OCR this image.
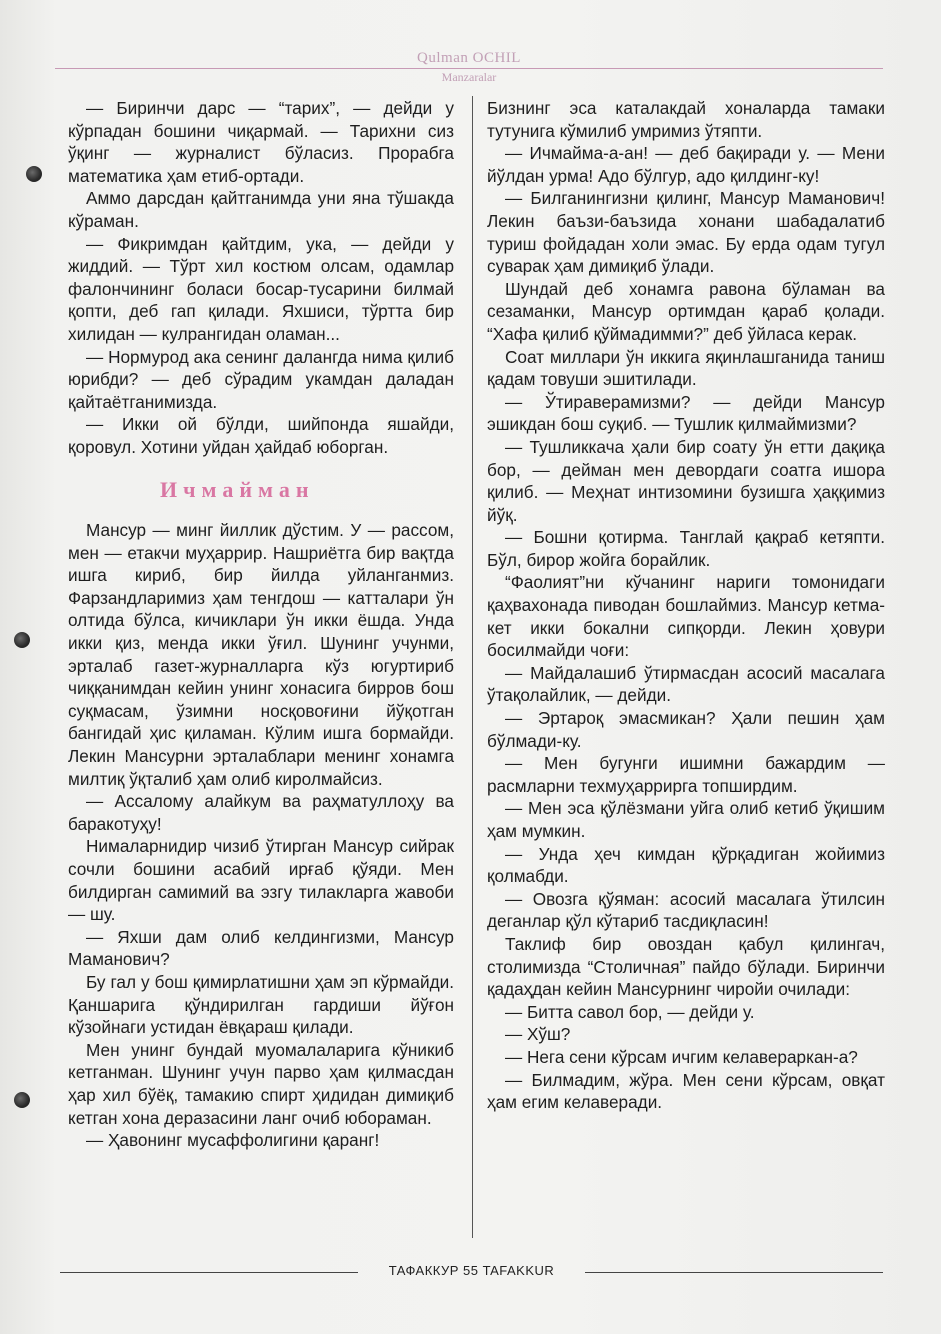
Qulman OCHIL
Manzaralar

— Биринчи дарс — “тарих”, — дейди у кўрпадан бошини чиқармай. — Тарихни сиз ўқинг — журналист бўласиз. Прорабга математика ҳам етиб-ортади.

Аммо дарсдан қайтганимда уни яна тўшакда кўраман.

— Фикримдан қайтдим, ука, — дейди у жиддий. — Тўрт хил костюм олсам, одамлар фалончининг боласи босар-тусарини билмай қопти, деб гап қилади. Яхшиси, тўртта бир хилидан — кулрангидан оламан...

— Нормурод ака сенинг далангда нима қилиб юрибди? — деб сўрадим укамдан даладан қайтаётганимизда.

— Икки ой бўлди, шийпонда яшайди, қоровул. Хотини уйдан ҳайдаб юборган.

Ичмайман

Мансур — минг йиллик дўстим. У — рассом, мен — етакчи муҳаррир. Нашриётга бир вақтда ишга кириб, бир йилда уйланганмиз. Фарзандларимиз ҳам тенгдош — катталари ўн олтида бўлса, кичиклари ўн икки ёшда. Унда икки қиз, менда икки ўғил. Шунинг учунми, эрталаб газет-журналларга кўз югуртириб чиққанимдан кейин унинг хонасига бирров бош суқмасам, ўзимни носқовоғини йўқотган бангидай ҳис қиламан. Кўлим ишга бормайди. Лекин Мансурни эрталаблари менинг хонамга милтиқ ўқталиб ҳам олиб киролмайсиз.

— Ассалому алайкум ва раҳматуллоҳу ва баракотуҳу!

Нималарнидир чизиб ўтирган Мансур сийрак сочли бошини асабий ирғаб қўяди. Мен билдирган самимий ва эзгу тилакларга жавоби — шу.

— Яхши дам олиб келдингизми, Мансур Маманович?

Бу гал у бош қимирлатишни ҳам эп кўрмайди. Қаншарига қўндирилган гардиши йўғон кўзойнаги устидан ёвқараш қилади.

Мен унинг бундай муомалаларига кўникиб кетганман. Шунинг учун парво ҳам қилмасдан ҳар хил бўёқ, тамакию спирт ҳидидан димиқиб кетган хона деразасини ланг очиб юбораман.

— Ҳавонинг мусаффолигини қаранг!

Бизнинг эса каталакдай хоналарда тамаки тутунига кўмилиб умримиз ўтяпти.

— Ичмайма-а-ан! — деб бақиради у. — Мени йўлдан урма! Адо бўлгур, адо қилдинг-ку!

— Билганингизни қилинг, Мансур Маманович! Лекин баъзи-баъзида хонани шабадалатиб туриш фойдадан холи эмас. Бу ерда одам тугул суварак ҳам димиқиб ўлади.

Шундай деб хонамга равона бўламан ва сезаманки, Мансур ортимдан қараб қолади. “Хафа қилиб қўймадимми?” деб ўйласа керак.

Соат миллари ўн иккига яқинлашганида таниш қадам товуши эшитилади.

— Ўтираверамизми? — дейди Мансур эшикдан бош суқиб. — Тушлик қилмаймизми?

— Тушликкача ҳали бир соату ўн етти дақиқа бор, — дейман мен девордаги соатга ишора қилиб. — Меҳнат интизомини бузишга ҳаққимиз йўқ.

— Бошни қотирма. Танглай қақраб кетяпти. Бўл, бирор жойга борайлик.

“Фаолият”ни кўчанинг нариги томонидаги қаҳвахонада пиводан бошлаймиз. Мансур кетма-кет икки бокални сипқорди. Лекин ҳовури босилмайди чоғи:

— Майдалашиб ўтирмасдан асосий масалага ўтақолайлик, — дейди.

— Эртароқ эмасмикан? Ҳали пешин ҳам бўлмади-ку.

— Мен бугунги ишимни бажардим — расмларни техмуҳаррирга топширдим.

— Мен эса қўлёзмани уйга олиб кетиб ўқишим ҳам мумкин.

— Унда ҳеч кимдан қўрқадиган жойимиз қолмабди.

— Овозга қўяман: асосий масалага ўтилсин деганлар қўл кўтариб тасдиқласин!

Таклиф бир овоздан қабул қилингач, столимизда “Столичная” пайдо бўлади. Биринчи қадаҳдан кейин Мансурнинг чиройи очилади:

— Битта савол бор, — дейди у.

— Хўш?

— Нега сени кўрсам ичгим келавераркан-а?

— Билмадим, жўра. Мен сени кўрсам, овқат ҳам егим келаверади.

ТАФАККУР 55 TAFAKKUR
